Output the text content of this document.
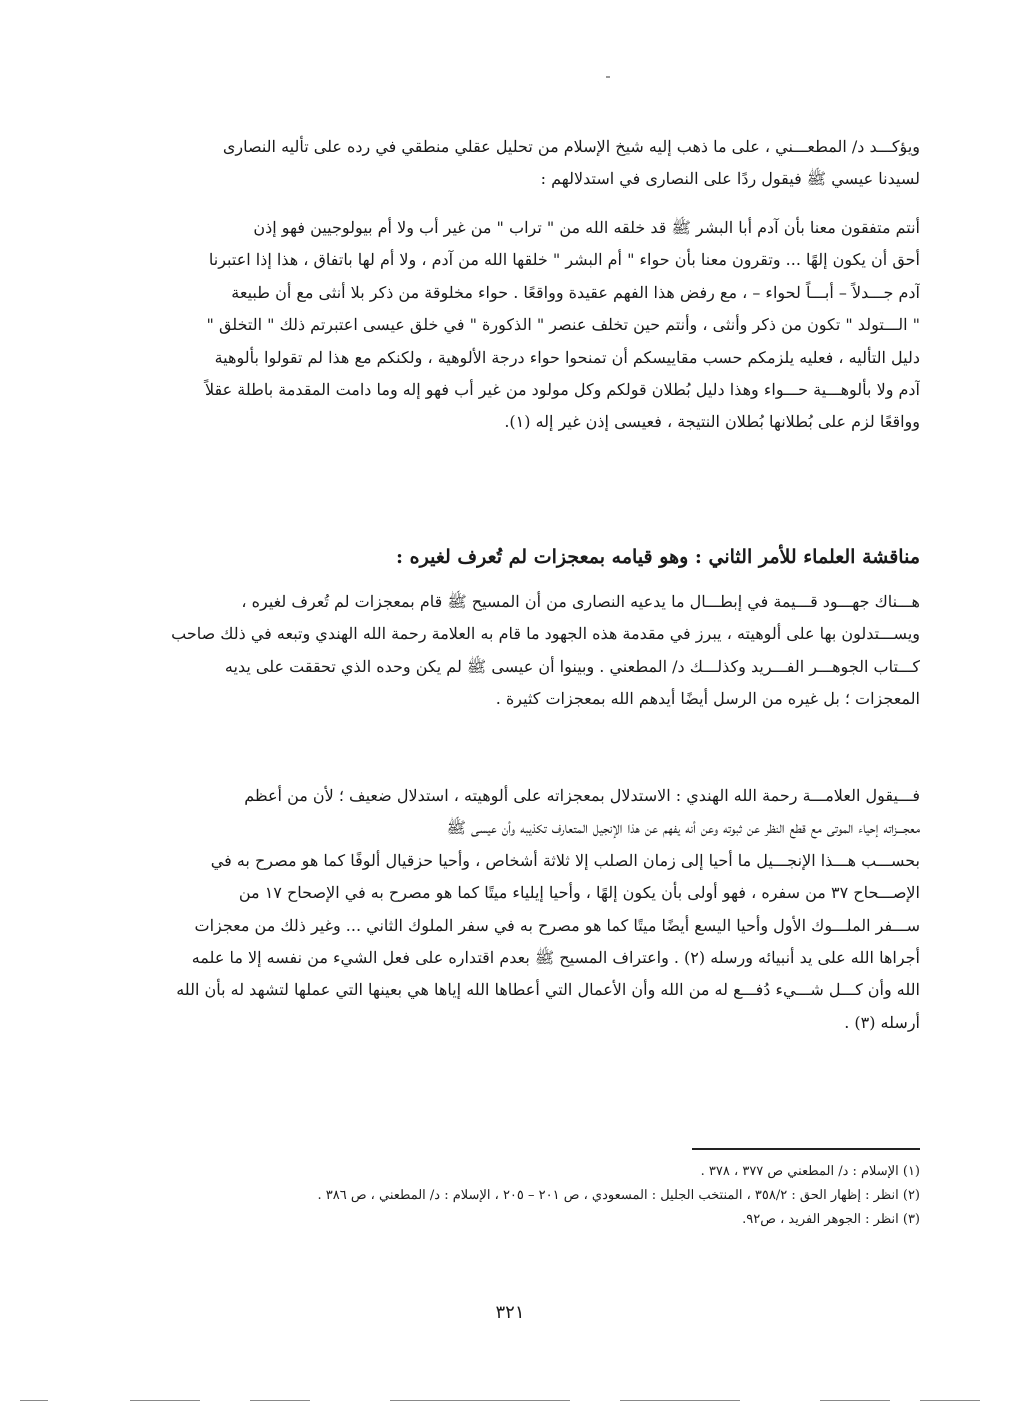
ويؤكـــد د/ المطعـــني ، على ما ذهب إليه شيخ الإسلام من تحليل عقلي منطقي في رده على تأليه النصارى
لسيدنا عيسي ﷺ فيقول ردًا على النصارى في استدلالهم :
أنتم متفقون معنا بأن آدم أبا البشر ﷺ قد خلقه الله من " تراب " من غير أب ولا أم بيولوجيين فهو إذن
أحق أن يكون إلهًا ... وتقرون معنا بأن حواء " أم البشر " خلقها الله من آدم ، ولا أم لها باتفاق ، هذا إذا اعتبرنا
آدم جـــدلاً – أبـــاً لحواء – ، مع رفض هذا الفهم عقيدة وواقعًا . حواء مخلوقة من ذكر بلا أنثى مع أن طبيعة
" الـــتولد " تكون من ذكر وأنثى ، وأنتم حين تخلف عنصر " الذكورة " في خلق عيسى اعتبرتم ذلك " التخلق "
دليل التأليه ، فعليه يلزمكم حسب مقاييسكم أن تمنحوا حواء درجة الألوهية ، ولكنكم مع هذا لم تقولوا بألوهية
آدم ولا بألوهـــية حـــواء وهذا دليل بُطلان قولكم وكل مولود من غير أب فهو إله وما دامت المقدمة باطلة عقلاً
وواقعًا لزم على بُطلانها بُطلان النتيجة ، فعيسى إذن غير إله (١).
مناقشة العلماء للأمر الثاني : وهو قيامه بمعجزات لم تُعرف لغيره :
هـــناك جهـــود قـــيمة في إبطـــال ما يدعيه النصارى من أن المسيح ﷺ قام بمعجزات لم تُعرف لغيره ،
ويســـتدلون بها على ألوهيته ، يبرز في مقدمة هذه الجهود ما قام به العلامة رحمة الله الهندي وتبعه في ذلك صاحب
كـــتاب الجوهـــر الفـــريد وكذلـــك د/ المطعني . وبينوا أن عيسى ﷺ لم يكن وحده الذي تحققت على يديه
المعجزات ؛ بل غيره من الرسل أيضًا أيدهم الله بمعجزات كثيرة .
فـــيقول العلامـــة رحمة الله الهندي : الاستدلال بمعجزاته على ألوهيته ، استدلال ضعيف ؛ لأن من أعظم
معجـــزاته إحياء الموتى مع قطع النظر عن ثبوته وعن أنه يفهم عن هذا الإنجيل المتعارف تكذيبه وأن عيسى ﷺ
بحســـب هـــذا الإنجـــيل ما أحيا إلى زمان الصلب إلا ثلاثة أشخاص ، وأحيا حزقيال ألوفًا كما هو مصرح به في
الإصـــحاح ٣٧ من سفره ، فهو أولى بأن يكون إلهًا ، وأحيا إيلياء ميتًا كما هو مصرح به في الإصحاح ١٧ من
ســـفر الملـــوك الأول وأحيا اليسع أيضًا ميتًا كما هو مصرح به في سفر الملوك الثاني ... وغير ذلك من معجزات
أجراها الله على يد أنبيائه ورسله (٢) . واعتراف المسيح ﷺ بعدم اقتداره على فعل الشيء من نفسه إلا ما علمه
الله وأن كـــل شـــيء دُفـــع له من الله وأن الأعمال التي أعطاها الله إياها هي بعينها التي عملها لتشهد له بأن الله
أرسله (٣) .
(١) الإسلام : د/ المطعني ص ٣٧٧ ، ٣٧٨ .
(٢) انظر : إظهار الحق : ٣٥٨/٢ ، المنتخب الجليل : المسعودي ، ص ٢٠١ – ٢٠٥ ، الإسلام : د/ المطعني ، ص ٣٨٦ .
(٣) انظر : الجوهر الفريد ، ص٩٢.
٣٢١
